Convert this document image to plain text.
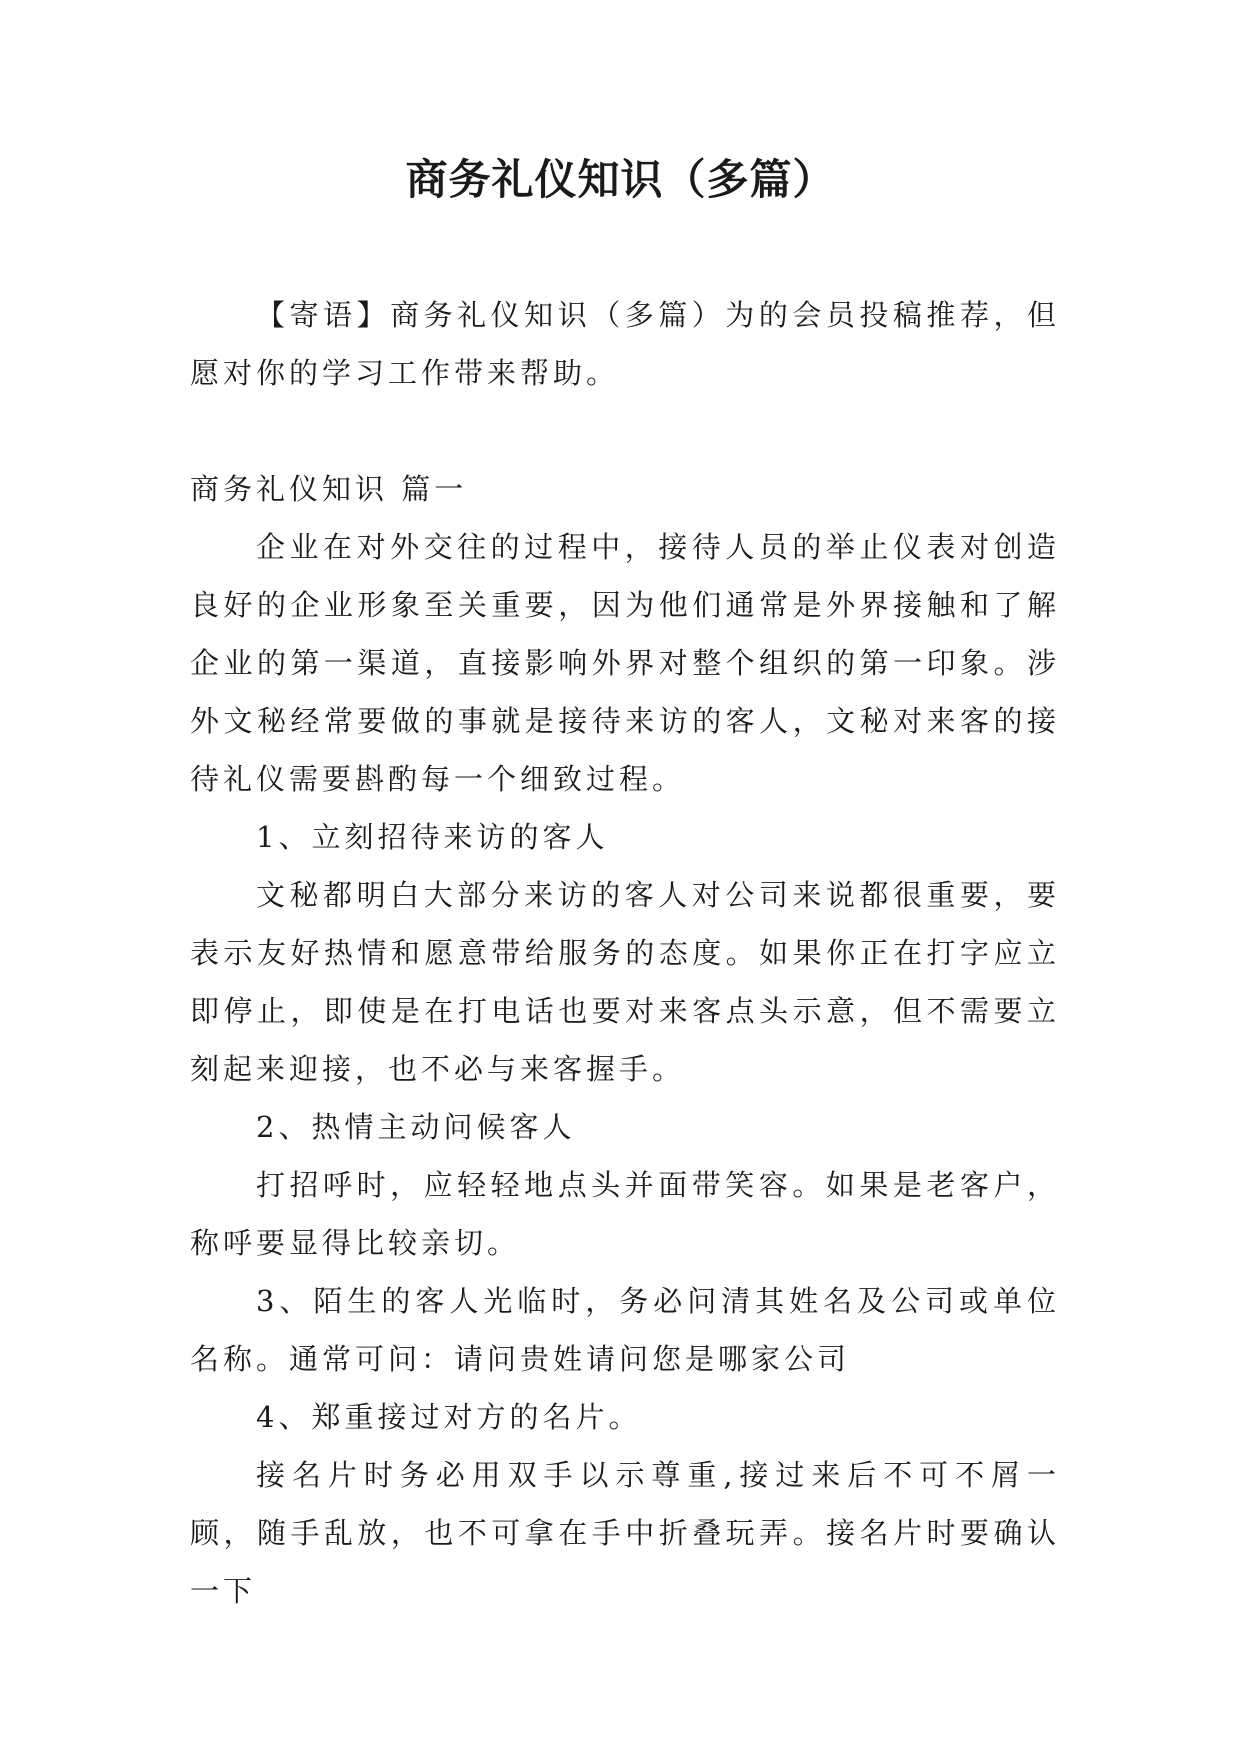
商务礼仪知识（多篇）

【寄语】商务礼仪知识（多篇）为的会员投稿推荐，但愿对你的学习工作带来帮助。

商务礼仪知识 篇一

企业在对外交往的过程中，接待人员的举止仪表对创造良好的企业形象至关重要，因为他们通常是外界接触和了解企业的第一渠道，直接影响外界对整个组织的第一印象。涉外文秘经常要做的事就是接待来访的客人，文秘对来客的接待礼仪需要斟酌每一个细致过程。

1、立刻招待来访的客人

文秘都明白大部分来访的客人对公司来说都很重要，要表示友好热情和愿意带给服务的态度。如果你正在打字应立即停止，即使是在打电话也要对来客点头示意，但不需要立刻起来迎接，也不必与来客握手。

2、热情主动问候客人

打招呼时，应轻轻地点头并面带笑容。如果是老客户，称呼要显得比较亲切。

3、陌生的客人光临时，务必问清其姓名及公司或单位名称。通常可问：请问贵姓请问您是哪家公司

4、郑重接过对方的名片。

接名片时务必用双手以示尊重,接过来后不可不屑一顾，随手乱放，也不可拿在手中折叠玩弄。接名片时要确认一下
